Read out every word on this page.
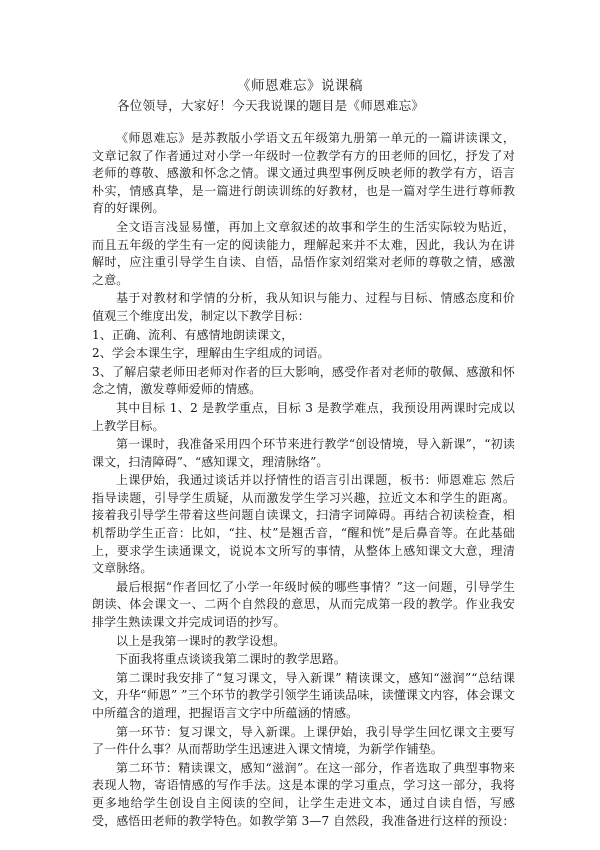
《师恩难忘》说课稿
各位领导，大家好！今天我说课的题目是《师恩难忘》

《师恩难忘》是苏教版小学语文五年级第九册第一单元的一篇讲读课文，文章记叙了作者通过对小学一年级时一位教学有方的田老师的回忆，抒发了对老师的尊敬、感激和怀念之情。课文通过典型事例反映老师的教学有方，语言朴实，情感真挚，是一篇进行朗读训练的好教材，也是一篇对学生进行尊师教育的好课例。

全文语言浅显易懂，再加上文章叙述的故事和学生的生活实际较为贴近，而且五年级的学生有一定的阅读能力，理解起来并不太难，因此，我认为在讲解时，应注重引导学生自读、自悟，品悟作家刘绍棠对老师的尊敬之情，感激之意。

基于对教材和学情的分析，我从知识与能力、过程与目标、情感态度和价值观三个维度出发，制定以下教学目标：

1、正确、流利、有感情地朗读课文，

2、学会本课生字，理解由生字组成的词语。

3、了解启蒙老师田老师对作者的巨大影响，感受作者对老师的敬佩、感激和怀念之情，激发尊师爱师的情感。

其中目标 1、2 是教学重点，目标 3 是教学难点，我预设用两课时完成以上教学目标。

第一课时，我准备采用四个环节来进行教学“创设情境，导入新课”，“初读课文，扫清障碍”、“感知课文，理清脉络”。

上课伊始，我通过谈话并以抒情性的语言引出课题，板书：师恩难忘 然后指导读题，引导学生质疑，从而激发学生学习兴趣，拉近文本和学生的距离。接着我引导学生带着这些问题自读课文，扫清字词障碍。再结合初读检查，相机帮助学生正音：比如，“拄、杖”是翘舌音，“醒和恍”是后鼻音等。在此基础上，要求学生读通课文，说说本文所写的事情，从整体上感知课文大意，理清文章脉络。

最后根据“作者回忆了小学一年级时候的哪些事情？”这一问题，引导学生朗读、体会课文一、二两个自然段的意思，从而完成第一段的教学。作业我安排学生熟读课文并完成词语的抄写。

以上是我第一课时的教学设想。

下面我将重点谈谈我第二课时的教学思路。

第二课时我安排了“复习课文，导入新课” 精读课文，感知“滋润”“总结课文，升华“师恩” ”三个环节的教学引领学生诵读品味，读懂课文内容，体会课文中所蕴含的道理，把握语言文字中所蕴涵的情感。

第一环节：复习课文，导入新课。上课伊始，我引导学生回忆课文主要写了一件什么事？从而帮助学生迅速进入课文情境，为新学作铺垫。

第二环节：精读课文，感知“滋润”。在这一部分，作者选取了典型事物来表现人物，寄语情感的写作手法。这是本课的学习重点，学习这一部分，我将更多地给学生创设自主阅读的空间，让学生走进文本，通过自读自悟，写感受，感悟田老师的教学特色。如教学第 3—7 自然段，我准备进行这样的预设：
